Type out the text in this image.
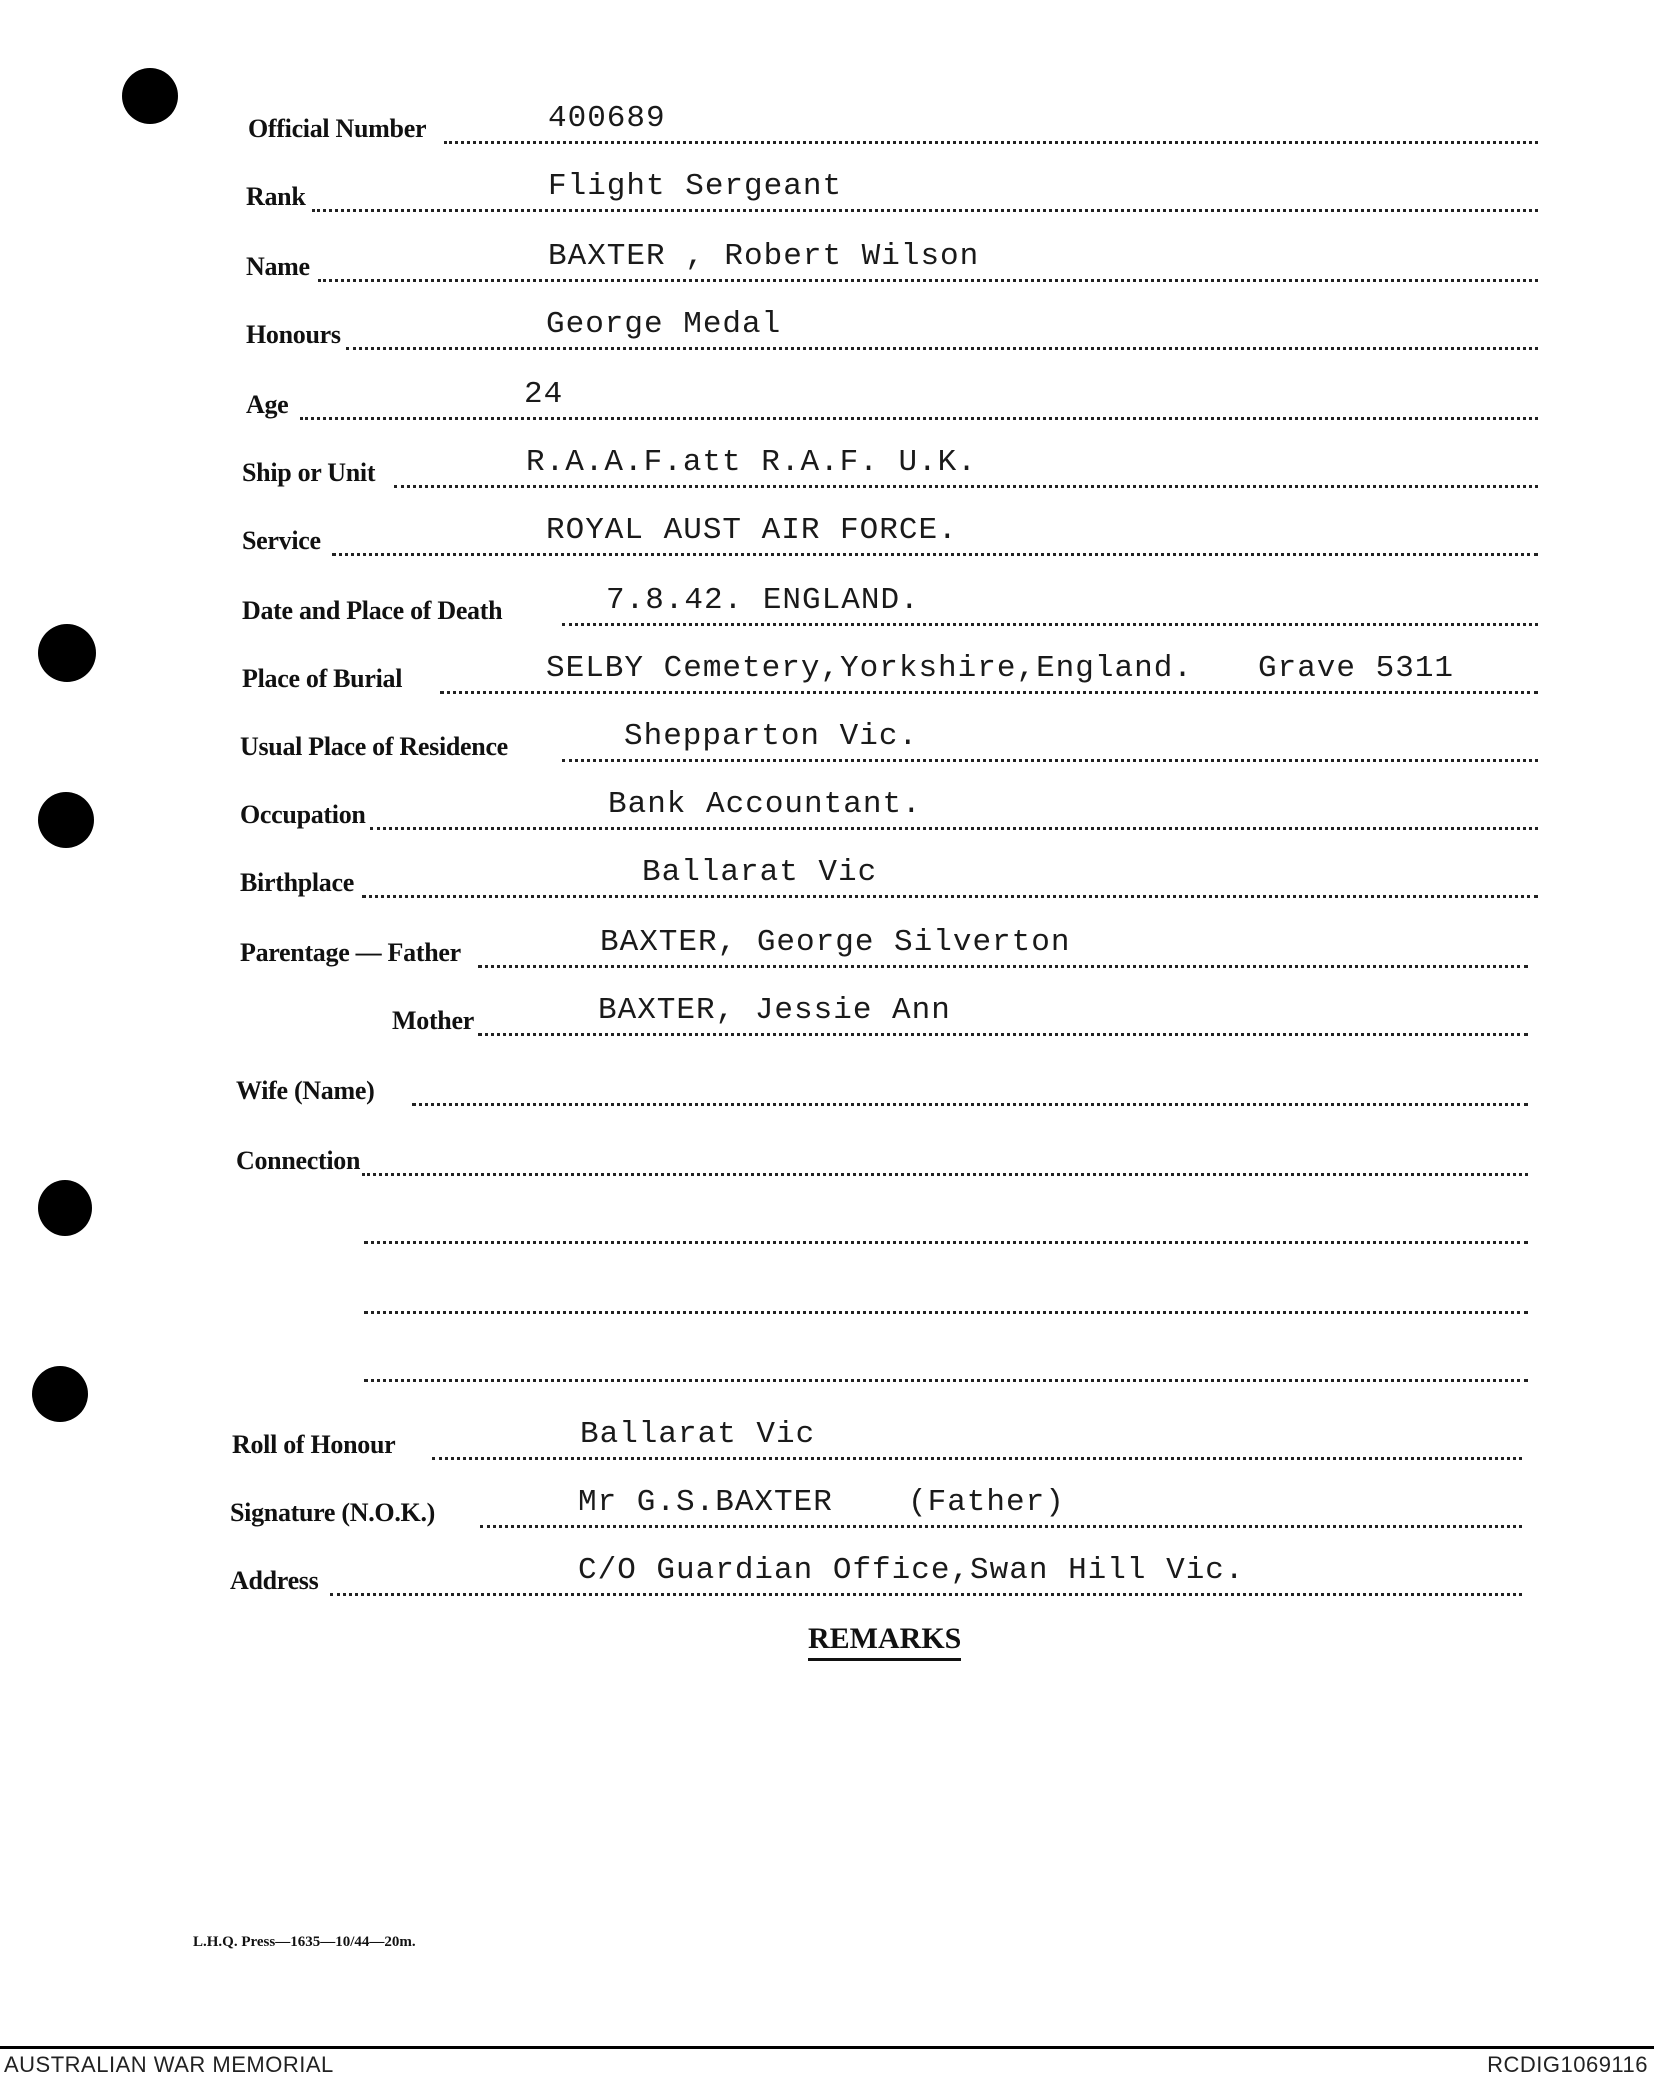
Official Number	400689
Rank	Flight Sergeant
Name	BAXTER , Robert Wilson
Honours	George Medal
Age	24
Ship or Unit	R.A.A.F.att R.A.F. U.K.
Service	ROYAL AUST AIR FORCE.
Date and Place of Death	7.8.42. ENGLAND.
Place of Burial	SELBY Cemetery,Yorkshire,England. Grave 5311
Usual Place of Residence	Shepparton Vic.
Occupation	Bank Accountant.
Birthplace	Ballarat Vic
Parentage — Father	BAXTER, George Silverton
Mother	BAXTER, Jessie Ann
Wife (Name)
Connection
Roll of Honour	Ballarat Vic
Signature (N.O.K.)	Mr G.S.BAXTER (Father)
Address	C/O Guardian Office,Swan Hill Vic.
REMARKS
L.H.Q. Press—1635—10/44—20m.
AUSTRALIAN WAR MEMORIAL	RCDIG1069116
